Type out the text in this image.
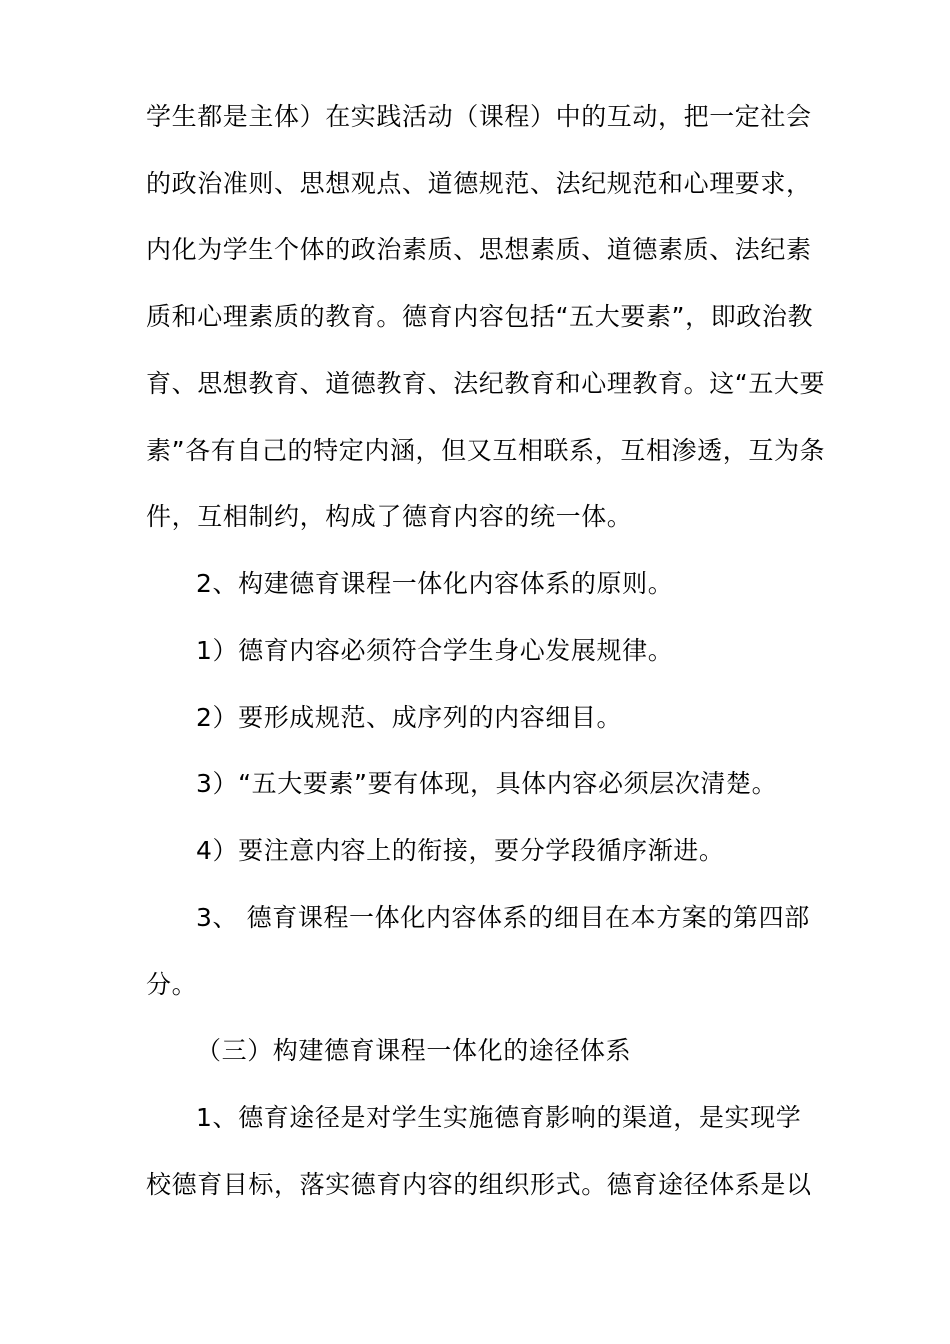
学生都是主体）在实践活动（课程）中的互动，把一定社会
的政治准则、思想观点、道德规范、法纪规范和心理要求，
内化为学生个体的政治素质、思想素质、道德素质、法纪素
质和心理素质的教育。德育内容包括“五大要素”，即政治教
育、思想教育、道德教育、法纪教育和心理教育。这“五大要
素”各有自己的特定内涵，但又互相联系，互相渗透，互为条
件，互相制约，构成了德育内容的统一体。
2、构建德育课程一体化内容体系的原则。
1）德育内容必须符合学生身心发展规律。
2）要形成规范、成序列的内容细目。
3）“五大要素”要有体现，具体内容必须层次清楚。
4）要注意内容上的衔接，要分学段循序渐进。
3、 德育课程一体化内容体系的细目在本方案的第四部
分。
（三）构建德育课程一体化的途径体系
1、德育途径是对学生实施德育影响的渠道，是实现学
校德育目标，落实德育内容的组织形式。德育途径体系是以
